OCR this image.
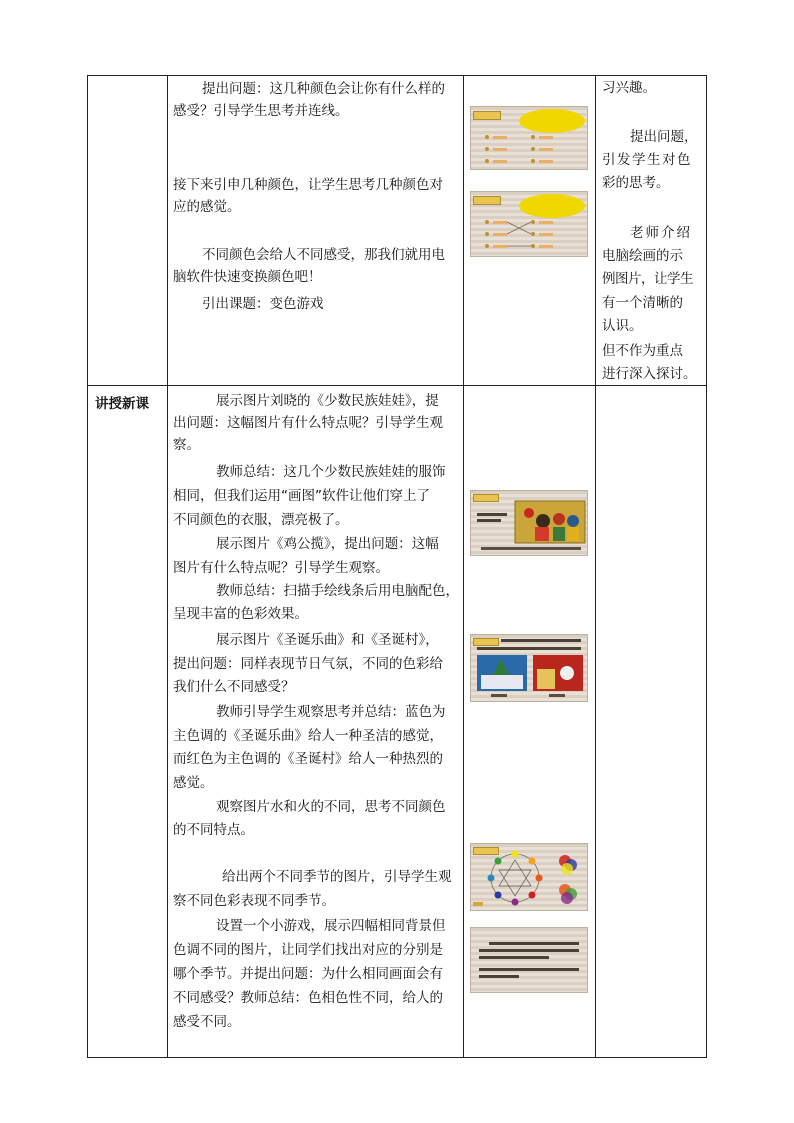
提出问题：这几种颜色会让你有什么样的
感受？引导学生思考并连线。
接下来引申几种颜色，让学生思考几种颜色对
应的感觉。
不同颜色会给人不同感受，那我们就用电
脑软件快速变换颜色吧！
引出课题：变色游戏
习兴趣。
提出问题，
引发学生对色
彩的思考。
老师介绍
电脑绘画的示
例图片，让学生
有一个清晰的
认识。
但不作为重点
进行深入探讨。
讲授新课	展示图片刘晓的《少数民族娃娃》，提
出问题：这幅图片有什么特点呢？引导学生观
察。
教师总结：这几个少数民族娃娃的服饰
相同，但我们运用“画图”软件让他们穿上了
不同颜色的衣服，漂亮极了。
展示图片《鸡公揽》，提出问题：这幅
图片有什么特点呢？引导学生观察。
教师总结：扫描手绘线条后用电脑配色，
呈现丰富的色彩效果。
展示图片《圣诞乐曲》和《圣诞村》，
提出问题：同样表现节日气氛，不同的色彩给
我们什么不同感受？
教师引导学生观察思考并总结：蓝色为
主色调的《圣诞乐曲》给人一种圣洁的感觉，
而红色为主色调的《圣诞村》给人一种热烈的
感觉。
观察图片水和火的不同，思考不同颜色
的不同特点。
给出两个不同季节的图片，引导学生观
察不同色彩表现不同季节。
设置一个小游戏，展示四幅相同背景但
色调不同的图片，让同学们找出对应的分别是
哪个季节。并提出问题：为什么相同画面会有
不同感受？教师总结：色相色性不同，给人的
感受不同。
